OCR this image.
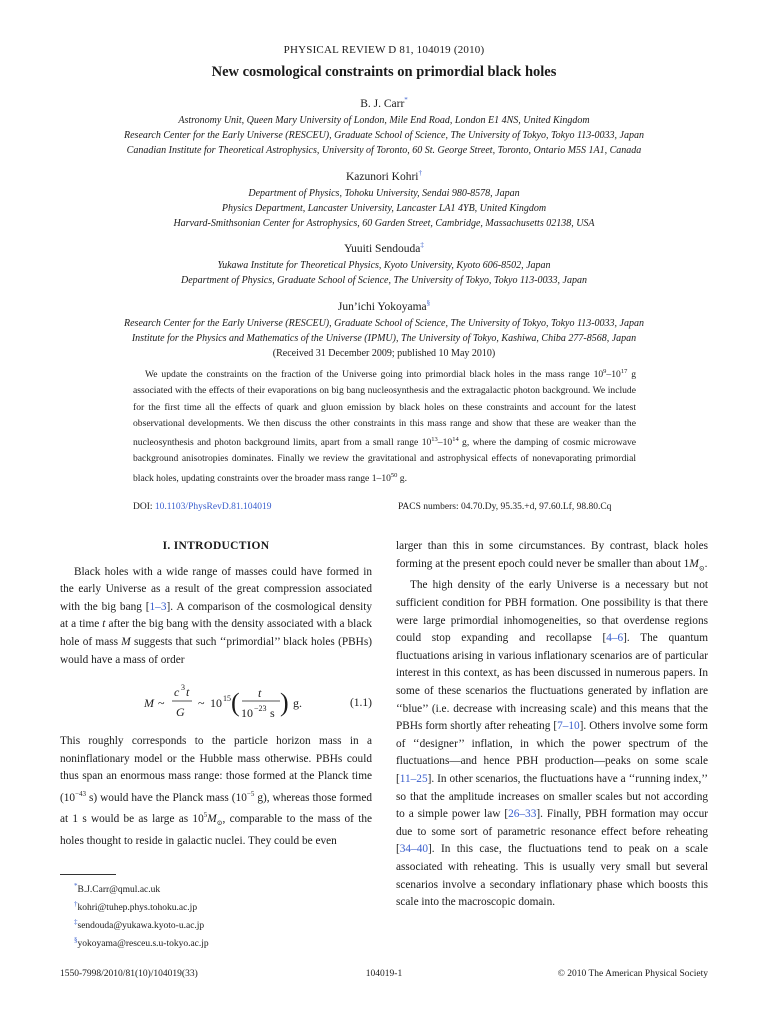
PHYSICAL REVIEW D 81, 104019 (2010)
New cosmological constraints on primordial black holes

B. J. Carr*

Astronomy Unit, Queen Mary University of London, Mile End Road, London E1 4NS, United Kingdom

Research Center for the Early Universe (RESCEU), Graduate School of Science, The University of Tokyo, Tokyo 113-0033, Japan

Canadian Institute for Theoretical Astrophysics, University of Toronto, 60 St. George Street, Toronto, Ontario M5S 1A1, Canada

Kazunori Kohri†

Department of Physics, Tohoku University, Sendai 980-8578, Japan

Physics Department, Lancaster University, Lancaster LA1 4YB, United Kingdom

Harvard-Smithsonian Center for Astrophysics, 60 Garden Street, Cambridge, Massachusetts 02138, USA

Yuuiti Sendouda‡

Yukawa Institute for Theoretical Physics, Kyoto University, Kyoto 606-8502, Japan

Department of Physics, Graduate School of Science, The University of Tokyo, Tokyo 113-0033, Japan

Jun’ichi Yokoyama§

Research Center for the Early Universe (RESCEU), Graduate School of Science, The University of Tokyo, Tokyo 113-0033, Japan

Institute for the Physics and Mathematics of the Universe (IPMU), The University of Tokyo, Kashiwa, Chiba 277-8568, Japan

(Received 31 December 2009; published 10 May 2010)

We update the constraints on the fraction of the Universe going into primordial black holes in the mass range $10^9-10^{17}$ g associated with the effects of their evaporations on big bang nucleosynthesis and the extragalactic photon background. We include for the first time all the effects of quark and gluon emission by black holes on these constraints and account for the latest observational developments. We then discuss the other constraints in this mass range and show that these are weaker than the nucleosynthesis and photon background limits, apart from a small range $10^{13}-10^{14}$ g, where the damping of cosmic microwave background anisotropies dominates. Finally we review the gravitational and astrophysical effects of nonevaporating primordial black holes, updating constraints over the broader mass range $1-10^{50}$ g.
DOI: 10.1103/PhysRevD.81.104019	PACS numbers: 04.70.Dy, 95.35.+d, 97.60.Lf, 98.80.Cq
I. INTRODUCTION

Black holes with a wide range of masses could have formed in the early Universe as a result of the great compression associated with the big bang [1–3]. A comparison of the cosmological density at a time t after the big bang with the density associated with a black hole of mass M suggests that such ‘‘primordial’’ black holes (PBHs) would have a mass of order

M ~
c 3 t
G
~ 10 15 ( t
10 −23 s ) g.	(1.1)

This roughly corresponds to the particle horizon mass in a noninflationary model or the Hubble mass otherwise. PBHs could thus span an enormous mass range: those formed at the Planck time ($10^{-43}$ s) would have the Planck mass ($10^{-5}$ g), whereas those formed at 1 s would be as large as $10^5M_⊙$, comparable to the mass of the holes thought to reside in galactic nuclei. They could be even

larger than this in some circumstances. By contrast, black holes forming at the present epoch could never be smaller than about $1M_⊙$.

The high density of the early Universe is a necessary but not sufficient condition for PBH formation. One possibility is that there were large primordial inhomogeneities, so that overdense regions could stop expanding and recollapse [4–6]. The quantum fluctuations arising in various inflationary scenarios are of particular interest in this context, as has been discussed in numerous papers. In some of these scenarios the fluctuations generated by inflation are ‘‘blue’’ (i.e. decrease with increasing scale) and this means that the PBHs form shortly after reheating [7–10]. Others involve some form of ‘‘designer’’ inflation, in which the power spectrum of the fluctuations—and hence PBH production—peaks on some scale [11–25]. In other scenarios, the fluctuations have a ‘‘running index,’’ so that the amplitude increases on smaller scales but not according to a simple power law [26–33]. Finally, PBH formation may occur due to some sort of parametric resonance effect before reheating [34–40]. In this case, the fluctuations tend to peak on a scale associated with reheating. This is usually very small but several scenarios involve a secondary inflationary phase which boosts this scale into the macroscopic domain.

*B.J.Carr@qmul.ac.uk
†kohri@tuhep.phys.tohoku.ac.jp
‡sendouda@yukawa.kyoto-u.ac.jp
§yokoyama@resceu.s.u-tokyo.ac.jp
1550-7998/2010/81(10)/104019(33)	104019-1	© 2010 The American Physical Society
